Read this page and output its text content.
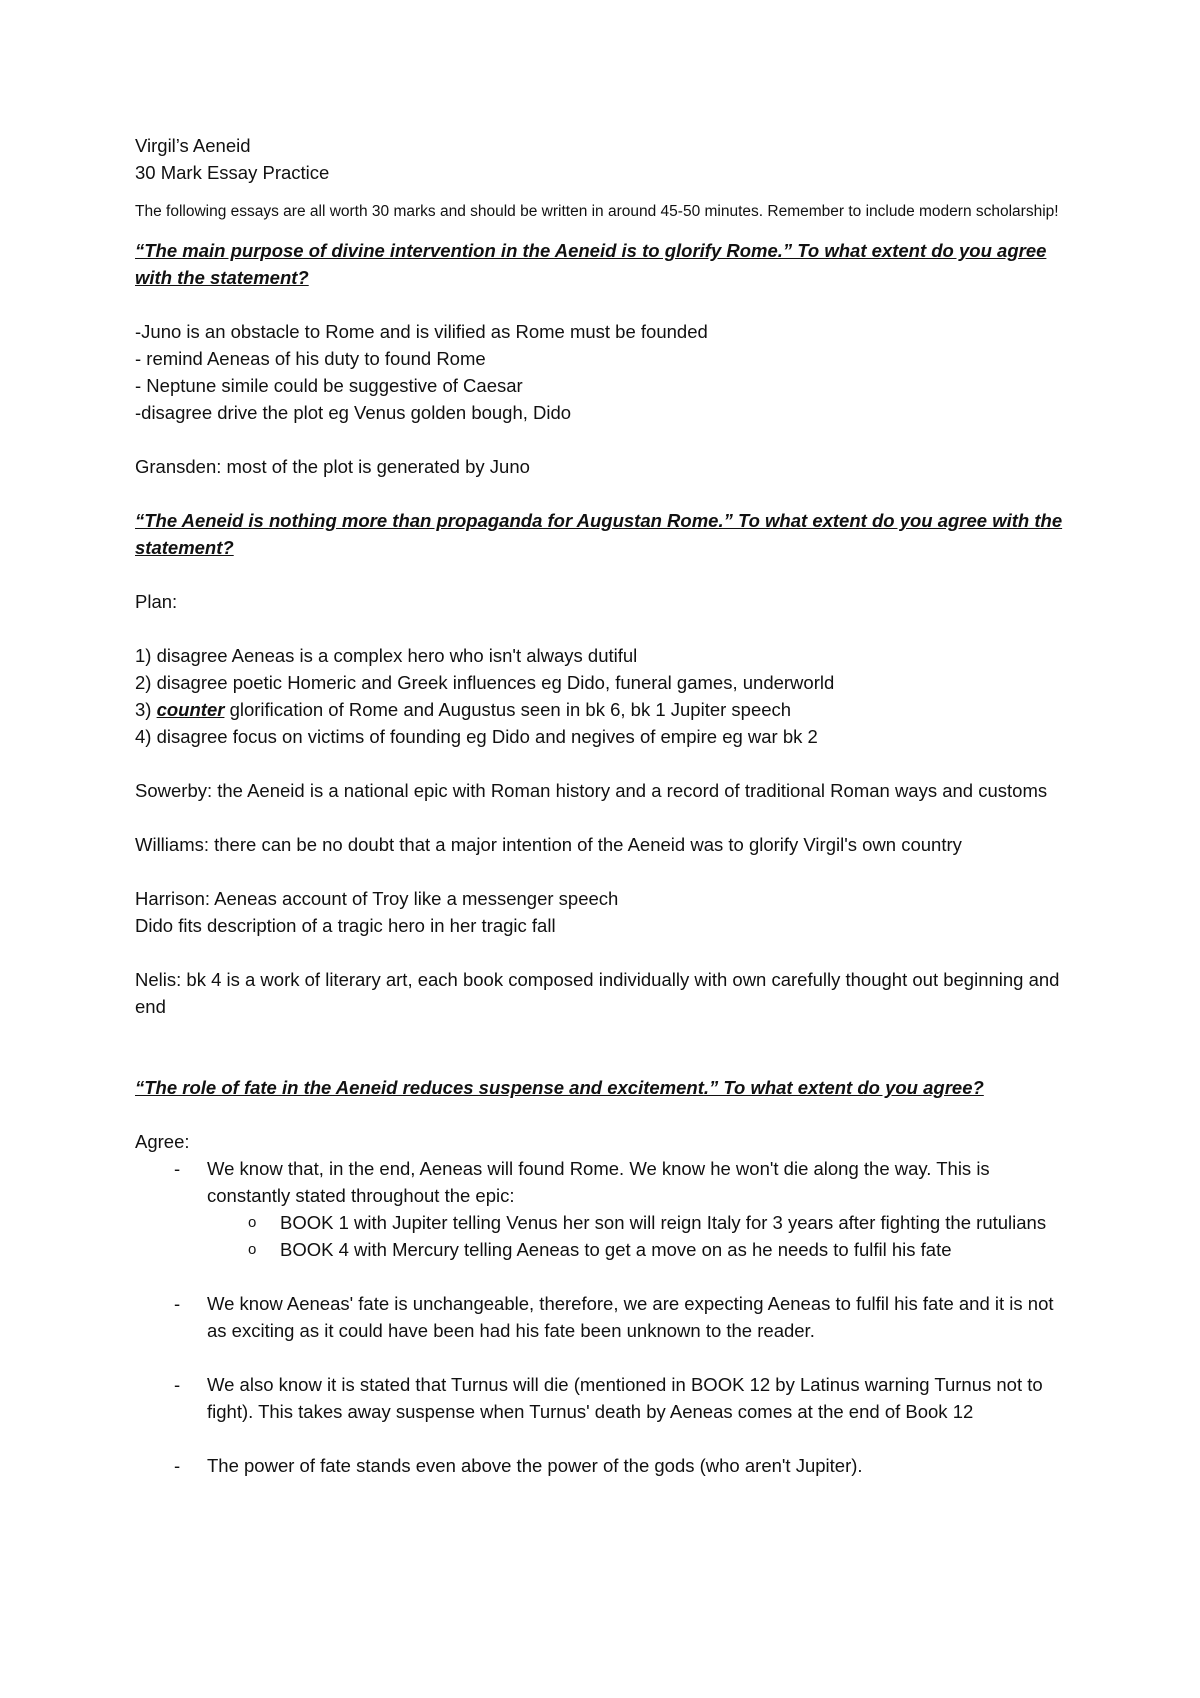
Virgil’s Aeneid
30 Mark Essay Practice
The following essays are all worth 30 marks and should be written in around 45-50 minutes. Remember to include modern scholarship!
“The main purpose of divine intervention in the Aeneid is to glorify Rome.” To what extent do you agree with the statement?
-Juno is an obstacle to Rome and is vilified as Rome must be founded
- remind Aeneas of his duty to found Rome
- Neptune simile could be suggestive of Caesar
-disagree drive the plot eg Venus golden bough, Dido
Gransden: most of the plot is generated by Juno
“The Aeneid is nothing more than propaganda for Augustan Rome.” To what extent do you agree with the statement?
Plan:
1) disagree Aeneas is a complex hero who isn't always dutiful
2) disagree poetic Homeric and Greek influences eg Dido, funeral games, underworld
3) counter glorification of Rome and Augustus seen in bk 6, bk 1 Jupiter speech
4) disagree focus on victims of founding eg Dido and negives of empire eg war bk 2
Sowerby: the Aeneid is a national epic with Roman history and a record of traditional Roman ways and customs
Williams: there can be no doubt that a major intention of the Aeneid was to glorify Virgil's own country
Harrison: Aeneas account of Troy like a messenger speech
Dido fits description of a tragic hero in her tragic fall
Nelis: bk 4 is a work of literary art, each book composed individually with own carefully thought out beginning and end
“The role of fate in the Aeneid reduces suspense and excitement.” To what extent do you agree?
Agree:
- We know that, in the end, Aeneas will found Rome. We know he won't die along the way. This is constantly stated throughout the epic:
o BOOK 1 with Jupiter telling Venus her son will reign Italy for 3 years after fighting the rutulians
o BOOK 4 with Mercury telling Aeneas to get a move on as he needs to fulfil his fate
- We know Aeneas' fate is unchangeable, therefore, we are expecting Aeneas to fulfil his fate and it is not as exciting as it could have been had his fate been unknown to the reader.
- We also know it is stated that Turnus will die (mentioned in BOOK 12 by Latinus warning Turnus not to fight). This takes away suspense when Turnus' death by Aeneas comes at the end of Book 12
- The power of fate stands even above the power of the gods (who aren't Jupiter).
